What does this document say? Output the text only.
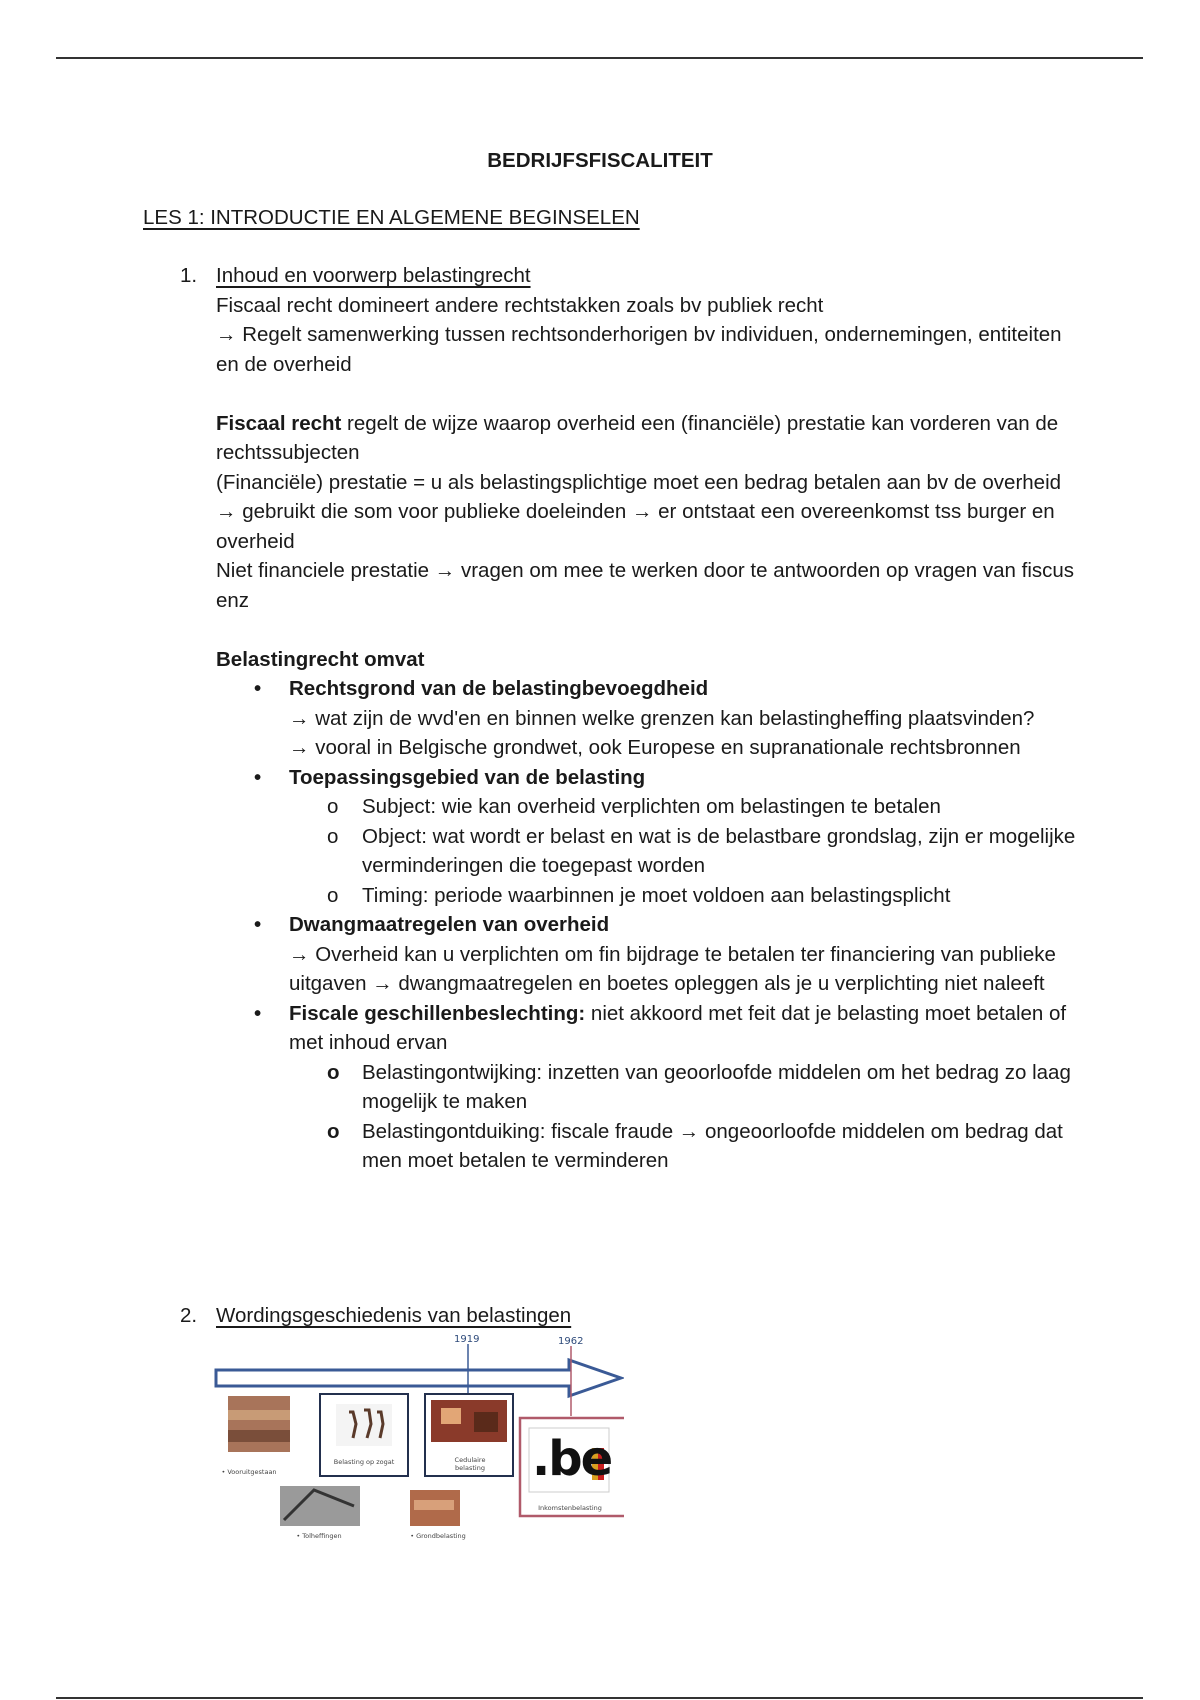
BEDRIJFSFISCALITEIT
LES 1: INTRODUCTIE EN ALGEMENE BEGINSELEN
1. Inhoud en voorwerp belastingrecht

Fiscaal recht domineert andere rechtstakken zoals bv publiek recht

→ Regelt samenwerking tussen rechtsonderhorigen bv individuen, ondernemingen, entiteiten en de overheid

Fiscaal recht regelt de wijze waarop overheid een (financiële) prestatie kan vorderen van de rechtssubjecten

(Financiële) prestatie = u als belastingsplichtige moet een bedrag betalen aan bv de overheid → gebruikt die som voor publieke doeleinden → er ontstaat een overeenkomst tss burger en overheid

Niet financiele prestatie → vragen om mee te werken door te antwoorden op vragen van fiscus enz

Belastingrecht omvat

• Rechtsgrond van de belastingbevoegdheid

→ wat zijn de wvd'en en binnen welke grenzen kan belastingheffing plaatsvinden?

→ vooral in Belgische grondwet, ook Europese en supranationale rechtsbronnen

• Toepassingsgebied van de belasting
o Subject: wie kan overheid verplichten om belastingen te betalen
o Object: wat wordt er belast en wat is de belastbare grondslag, zijn er mogelijke verminderingen die toegepast worden
o Timing: periode waarbinnen je moet voldoen aan belastingsplicht
• Dwangmaatregelen van overheid

→ Overheid kan u verplichten om fin bijdrage te betalen ter financiering van publieke uitgaven → dwangmaatregelen en boetes opleggen als je u verplichting niet naleeft

• Fiscale geschillenbeslechting: niet akkoord met feit dat je belasting moet betalen of met inhoud ervan
o Belastingontwijking: inzetten van geoorloofde middelen om het bedrag zo laag mogelijk te maken
o Belastingontduiking: fiscale fraude → ongeoorloofde middelen om bedrag dat men moet betalen te verminderen
2. Wordingsgeschiedenis van belastingen

1919	1962
.be
• Vooruitgestaan
Belasting op zogat	Cedulaire belasting
Inkomstenbelasting
• Tolheffingen	• Grondbelasting
